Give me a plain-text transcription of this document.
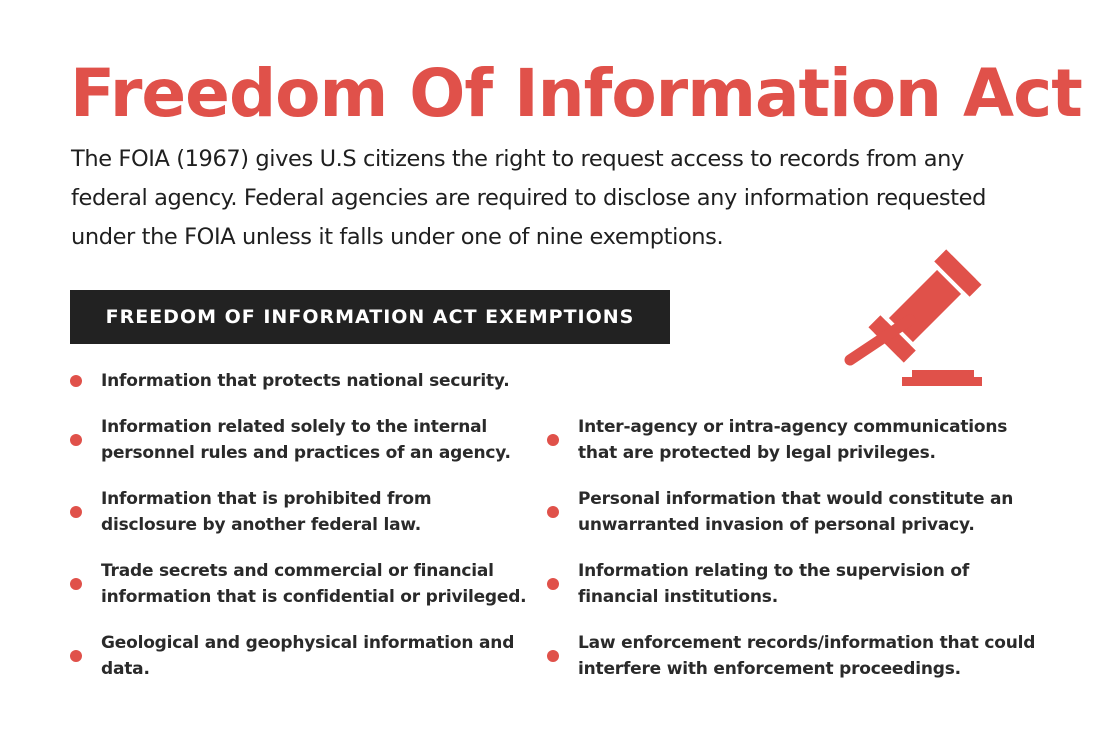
Freedom Of Information Act

The FOIA (1967) gives U.S citizens the right to request access to records from any federal agency. Federal agencies are required to disclose any information requested under the FOIA unless it falls under one of nine exemptions.

FREEDOM OF INFORMATION ACT EXEMPTIONS
Information that protects national security.
Information related solely to the internal personnel rules and practices of an agency.
Information that is prohibited from disclosure by another federal law.
Trade secrets and commercial or financial information that is confidential or privileged.
Geological and geophysical information and data.
Inter-agency or intra-agency communications that are protected by legal privileges.
Personal information that would constitute an unwarranted invasion of personal privacy.
Information relating to the supervision of financial institutions.
Law enforcement records/information that could interfere with enforcement proceedings.
